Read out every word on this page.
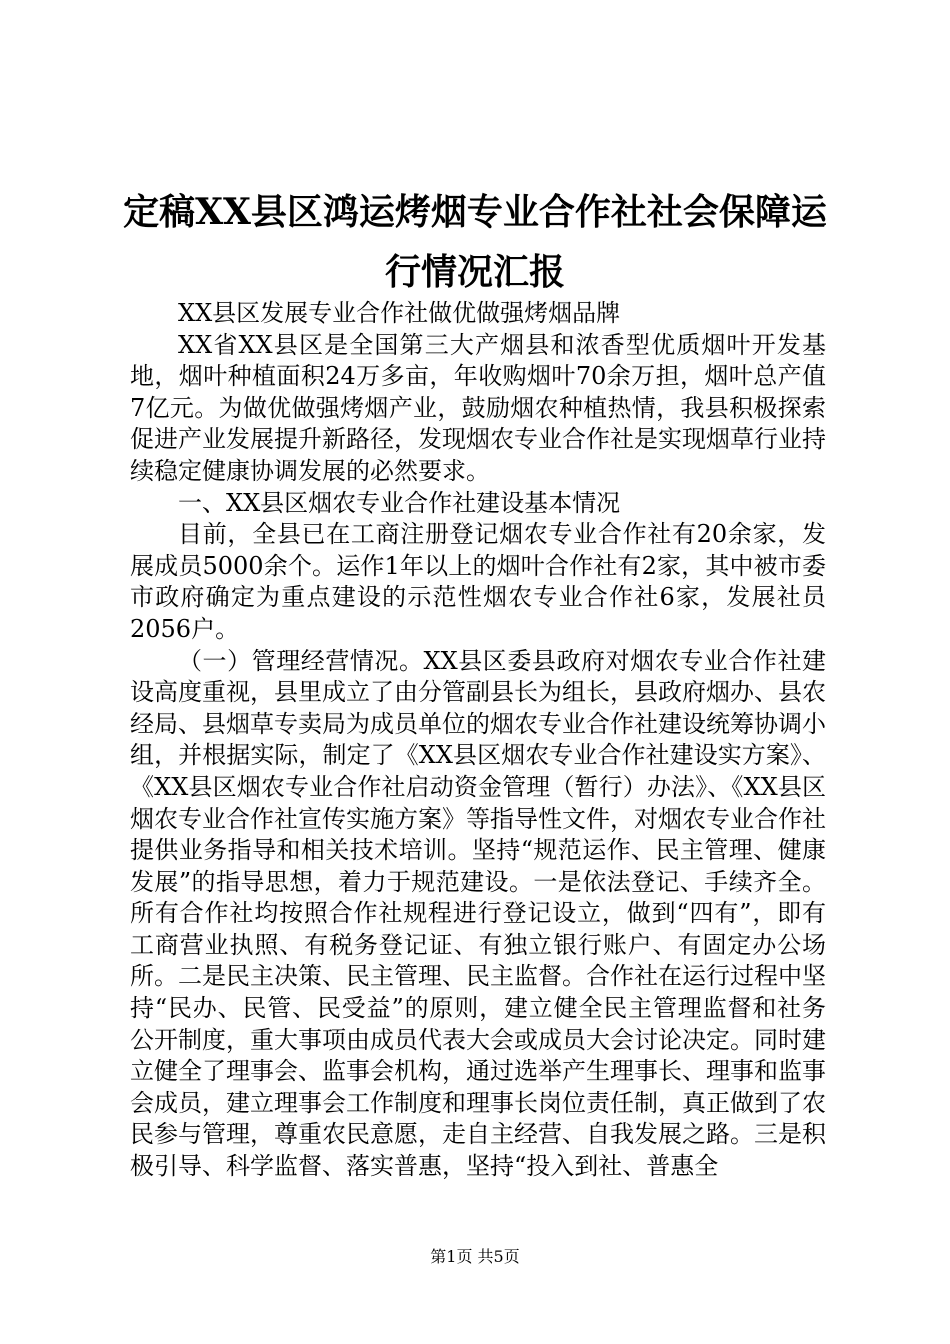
定稿XX县区鸿运烤烟专业合作社社会保障运
行情况汇报

XX县区发展专业合作社做优做强烤烟品牌

XX省XX县区是全国第三大产烟县和浓香型优质烟叶开发基地，烟叶种植面积24万多亩，年收购烟叶70余万担，烟叶总产值7亿元。为做优做强烤烟产业，鼓励烟农种植热情，我县积极探索促进产业发展提升新路径，发现烟农专业合作社是实现烟草行业持续稳定健康协调发展的必然要求。

一、XX县区烟农专业合作社建设基本情况

目前，全县已在工商注册登记烟农专业合作社有20余家，发展成员5000余个。运作1年以上的烟叶合作社有2家，其中被市委市政府确定为重点建设的示范性烟农专业合作社6家，发展社员2056户。

（一）管理经营情况。XX县区委县政府对烟农专业合作社建设高度重视，县里成立了由分管副县长为组长，县政府烟办、县农经局、县烟草专卖局为成员单位的烟农专业合作社建设统筹协调小组，并根据实际，制定了《XX县区烟农专业合作社建设实方案》、《XX县区烟农专业合作社启动资金管理（暂行）办法》、《XX县区烟农专业合作社宣传实施方案》等指导性文件，对烟农专业合作社提供业务指导和相关技术培训。坚持“规范运作、民主管理、健康发展”的指导思想，着力于规范建设。一是依法登记、手续齐全。所有合作社均按照合作社规程进行登记设立，做到“四有”，即有工商营业执照、有税务登记证、有独立银行账户、有固定办公场所。二是民主决策、民主管理、民主监督。合作社在运行过程中坚持“民办、民管、民受益”的原则，建立健全民主管理监督和社务公开制度，重大事项由成员代表大会或成员大会讨论决定。同时建立健全了理事会、监事会机构，通过选举产生理事长、理事和监事会成员，建立理事会工作制度和理事长岗位责任制，真正做到了农民参与管理，尊重农民意愿，走自主经营、自我发展之路。三是积极引导、科学监督、落实普惠，坚持“投入到社、普惠全

第1页 共5页
